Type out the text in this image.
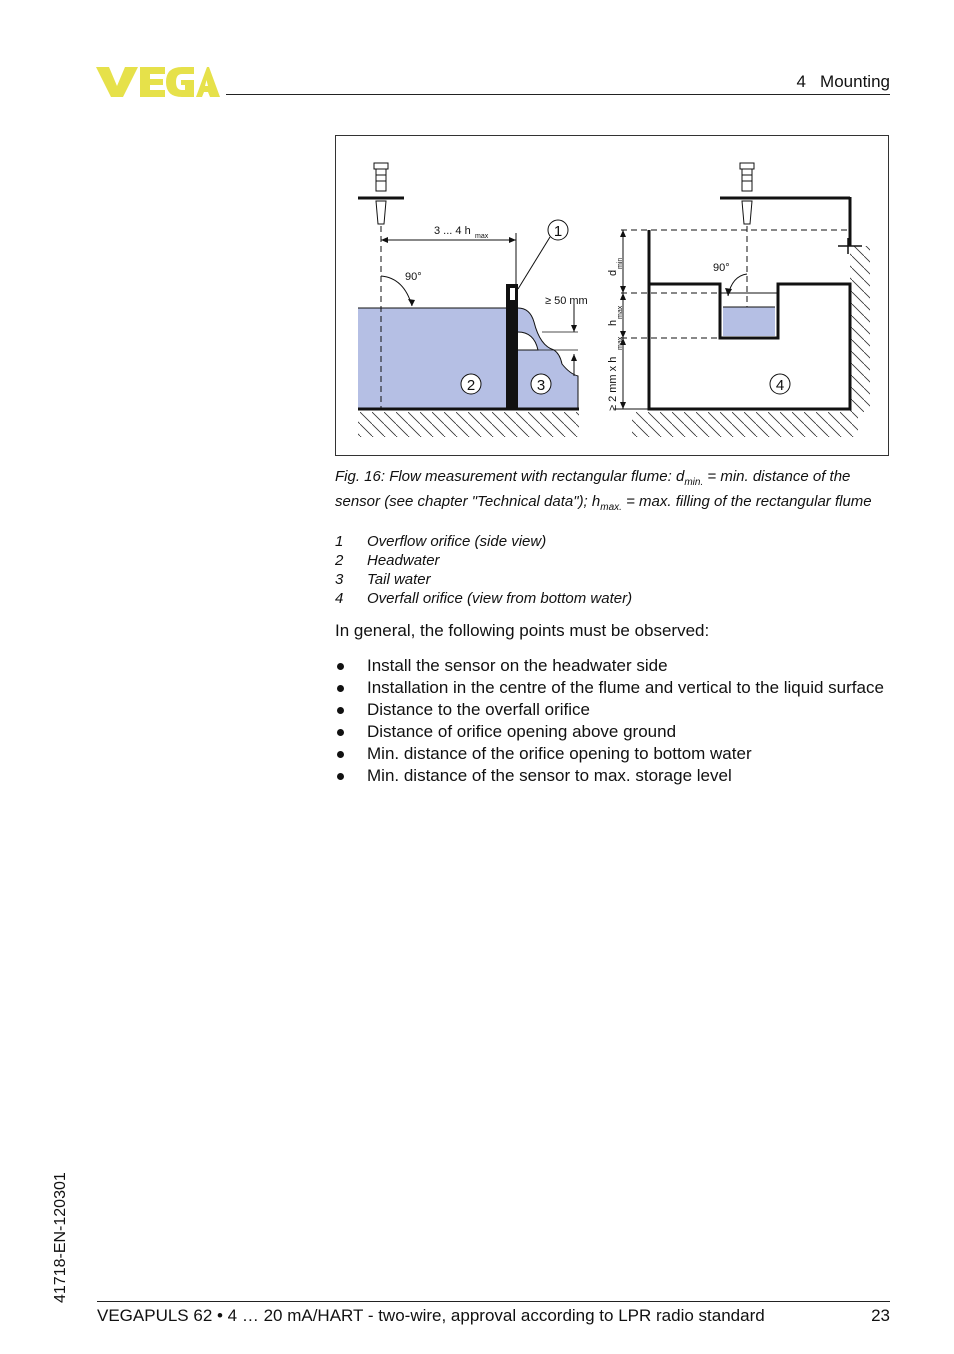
VEGA
4   Mounting
3 ... 4 h max
90°
≥ 50 mm
1
2	3
d
min
h
max
≥ 2 mm x h
max
90°
4
Fig. 16: Flow measurement with rectangular flume: $d_{min.} = \min$. distance of the sensor (see chapter "Technical data"); $h_{max.} = \max$. filling of the rectangular flume
1	Overflow orifice (side view)
2	Headwater
3	Tail water
4	Overfall orifice (view from bottom water)
In general, the following points must be observed:
Install the sensor on the headwater side
Installation in the centre of the flume and vertical to the liquid surface
Distance to the overfall orifice
Distance of orifice opening above ground
Min. distance of the orifice opening to bottom water
Min. distance of the sensor to max. storage level
41718-EN-120301
VEGAPULS 62 • 4 … 20 mA/HART - two-wire, approval according to LPR radio standard	23
